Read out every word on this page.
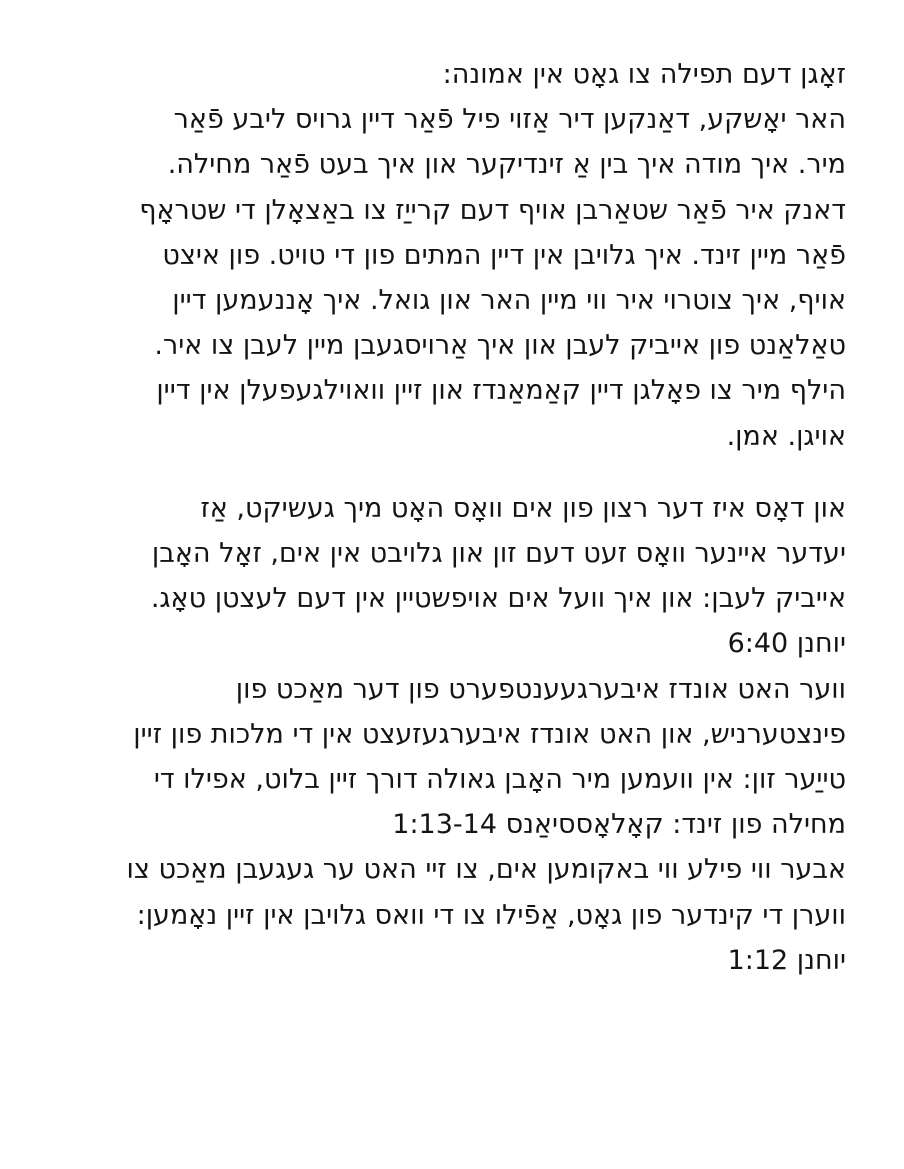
זאָגן דעם תפילה צו גאָט אין אמונה:
האר יאָשקע, דאַנקען דיר אַזוי פיל פֿאַר דיין גרויס ליבע פֿאַר
מיר. איך מודה איך בין אַ זינדיקער און איך בעט פֿאַר מחילה.
דאנק איר פֿאַר שטאַרבן אויף דעם קרייַז צו באַצאָלן די שטראָף
פֿאַר מיין זינד. איך גלויבן אין דיין המתים פון די טויט. פון איצט
אויף, איך צוטרוי איר ווי מיין האר און גואל. איך אָננעמען דיין
טאַלאַנט פון אייביק לעבן און איך אַרויסגעבן מיין לעבן צו איר.
הילף מיר צו פאָלגן דיין קאַמאַנדז און זיין וואוילגעפעלן אין דיין
אויגן. אמן.
און דאָס איז דער רצון פון אים וואָס האָט מיך געשיקט, אַז
יעדער איינער וואָס זעט דעם זון און גלויבט אין אים, זאָל האָבן
אייביק לעבן: און איך וועל אים אויפשטיין אין דעם לעצטן טאָג.
יוחנן 6:40
ווער האט אונדז איבערגעענטפערט פון דער מאַכט פון
פינצטערניש, און האט אונדז איבערגעזעצט אין די מלכות פון זיין
טייַער זון: אין וועמען מיר האָבן גאולה דורך זיין בלוט, אפילו די
מחילה פון זינד: קאָלאָססיאַנס 1:13-14
אבער ווי פילע ווי באקומען אים, צו זיי האט ער געגעבן מאַכט צו
ווערן די קינדער פון גאָט, אַפֿילו צו די וואס גלויבן אין זיין נאָמען:
יוחנן 1:12
